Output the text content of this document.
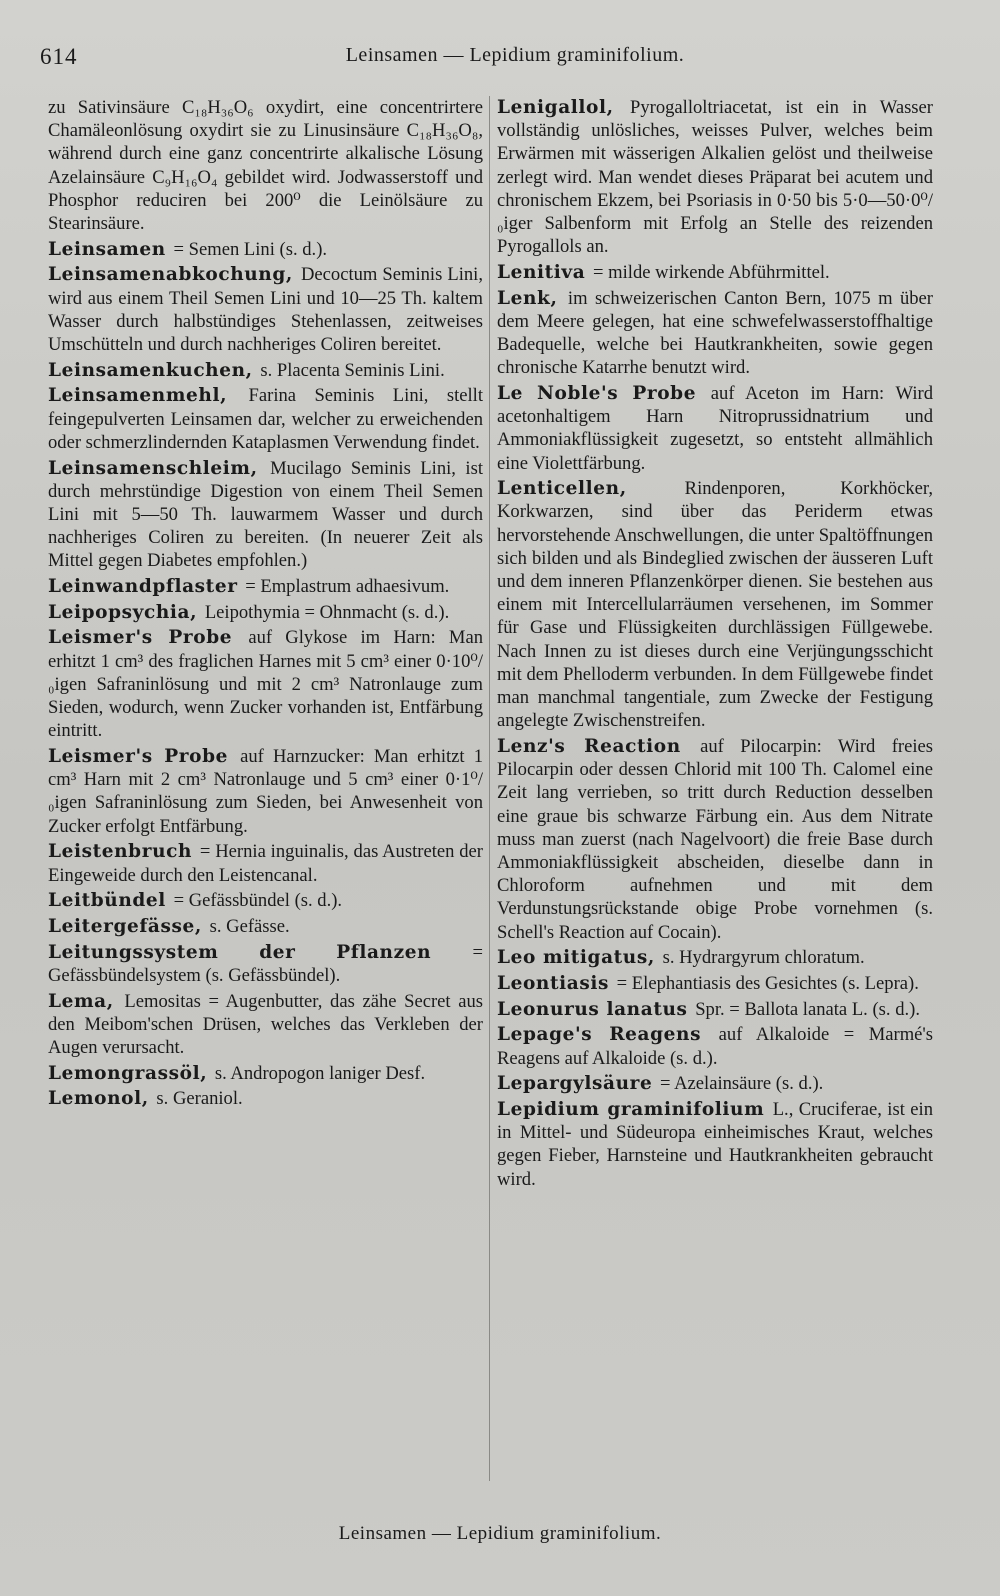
614	Leinsamen — Lepidium graminifolium.

zu Sativinsäure C₁₈H₃₆O₆ oxydirt, eine concentrirtere Chamäleonlösung oxydirt sie zu Linusinsäure C₁₈H₃₆O₈, während durch eine ganz concentrirte alkalische Lösung Azelainsäure C₉H₁₆O₄ gebildet wird. Jodwasserstoff und Phosphor reduciren bei 200⁰ die Leinölsäure zu Stearinsäure.

Leinsamen = Semen Lini (s. d.).

Leinsamenabkochung, Decoctum Seminis Lini, wird aus einem Theil Semen Lini und 10—25 Th. kaltem Wasser durch halbstündiges Stehenlassen, zeitweises Umschütteln und durch nachheriges Coliren bereitet.

Leinsamenkuchen, s. Placenta Seminis Lini.

Leinsamenmehl, Farina Seminis Lini, stellt feingepulverten Leinsamen dar, welcher zu erweichenden oder schmerzlindernden Kataplasmen Verwendung findet.

Leinsamenschleim, Mucilago Seminis Lini, ist durch mehrstündige Digestion von einem Theil Semen Lini mit 5—50 Th. lauwarmem Wasser und durch nachheriges Coliren zu bereiten. (In neuerer Zeit als Mittel gegen Diabetes empfohlen.)

Leinwandpflaster = Emplastrum adhaesivum.

Leipopsychia, Leipothymia = Ohnmacht (s. d.).

Leismer's Probe auf Glykose im Harn: Man erhitzt 1 cm³ des fraglichen Harnes mit 5 cm³ einer 0·10⁰/₀igen Safraninlösung und mit 2 cm³ Natronlauge zum Sieden, wodurch, wenn Zucker vorhanden ist, Entfärbung eintritt.

Leismer's Probe auf Harnzucker: Man erhitzt 1 cm³ Harn mit 2 cm³ Natronlauge und 5 cm³ einer 0·1⁰/₀igen Safraninlösung zum Sieden, bei Anwesenheit von Zucker erfolgt Entfärbung.

Leistenbruch = Hernia inguinalis, das Austreten der Eingeweide durch den Leistencanal.

Leitbündel = Gefässbündel (s. d.).

Leitergefässe, s. Gefässe.

Leitungssystem der Pflanzen = Gefässbündelsystem (s. Gefässbündel).

Lema, Lemositas = Augenbutter, das zähe Secret aus den Meibom'schen Drüsen, welches das Verkleben der Augen verursacht.

Lemongrassöl, s. Andropogon laniger Desf.

Lemonol, s. Geraniol.

Lenigallol, Pyrogalloltriacetat, ist ein in Wasser vollständig unlösliches, weisses Pulver, welches beim Erwärmen mit wässerigen Alkalien gelöst und theilweise zerlegt wird. Man wendet dieses Präparat bei acutem und chronischem Ekzem, bei Psoriasis in 0·50 bis 5·0—50·0⁰/₀iger Salbenform mit Erfolg an Stelle des reizenden Pyrogallols an.

Lenitiva = milde wirkende Abführmittel.

Lenk, im schweizerischen Canton Bern, 1075 m über dem Meere gelegen, hat eine schwefelwasserstoffhaltige Badequelle, welche bei Hautkrankheiten, sowie gegen chronische Katarrhe benutzt wird.

Le Noble's Probe auf Aceton im Harn: Wird acetonhaltigem Harn Nitroprussidnatrium und Ammoniakflüssigkeit zugesetzt, so entsteht allmählich eine Violettfärbung.

Lenticellen,	Rindenporen, Korkhöcker, Korkwarzen, sind über das Periderm etwas hervorstehende Anschwellungen, die unter Spaltöffnungen sich bilden und als Bindeglied zwischen der äusseren Luft und dem inneren Pflanzenkörper dienen. Sie bestehen aus einem mit Intercellularräumen versehenen, im Sommer für Gase und Flüssigkeiten durchlässigen Füllgewebe. Nach Innen zu ist dieses durch eine Verjüngungsschicht mit dem Phelloderm verbunden. In dem Füllgewebe findet man manchmal tangentiale, zum Zwecke der Festigung angelegte Zwischenstreifen.

Lenz's Reaction auf Pilocarpin: Wird freies Pilocarpin oder dessen Chlorid mit 100 Th. Calomel eine Zeit lang verrieben, so tritt durch Reduction desselben eine graue bis schwarze Färbung ein. Aus dem Nitrate muss man zuerst (nach Nagelvoort) die freie Base durch Ammoniakflüssigkeit abscheiden, dieselbe dann in Chloroform aufnehmen und mit dem Verdunstungsrückstande obige Probe vornehmen (s. Schell's Reaction auf Cocain).

Leo mitigatus, s. Hydrargyrum chloratum.

Leontiasis = Elephantiasis des Gesichtes (s. Lepra).

Leonurus lanatus Spr. = Ballota lanata L. (s. d.).

Lepage's Reagens auf Alkaloide = Marmé's Reagens auf Alkaloide (s. d.).

Lepargylsäure = Azelainsäure (s. d.).

Lepidium graminifolium L., Cruciferae, ist ein in Mittel- und Südeuropa einheimisches Kraut, welches gegen Fieber, Harnsteine und Hautkrankheiten gebraucht wird.

Leinsamen — Lepidium graminifolium.
